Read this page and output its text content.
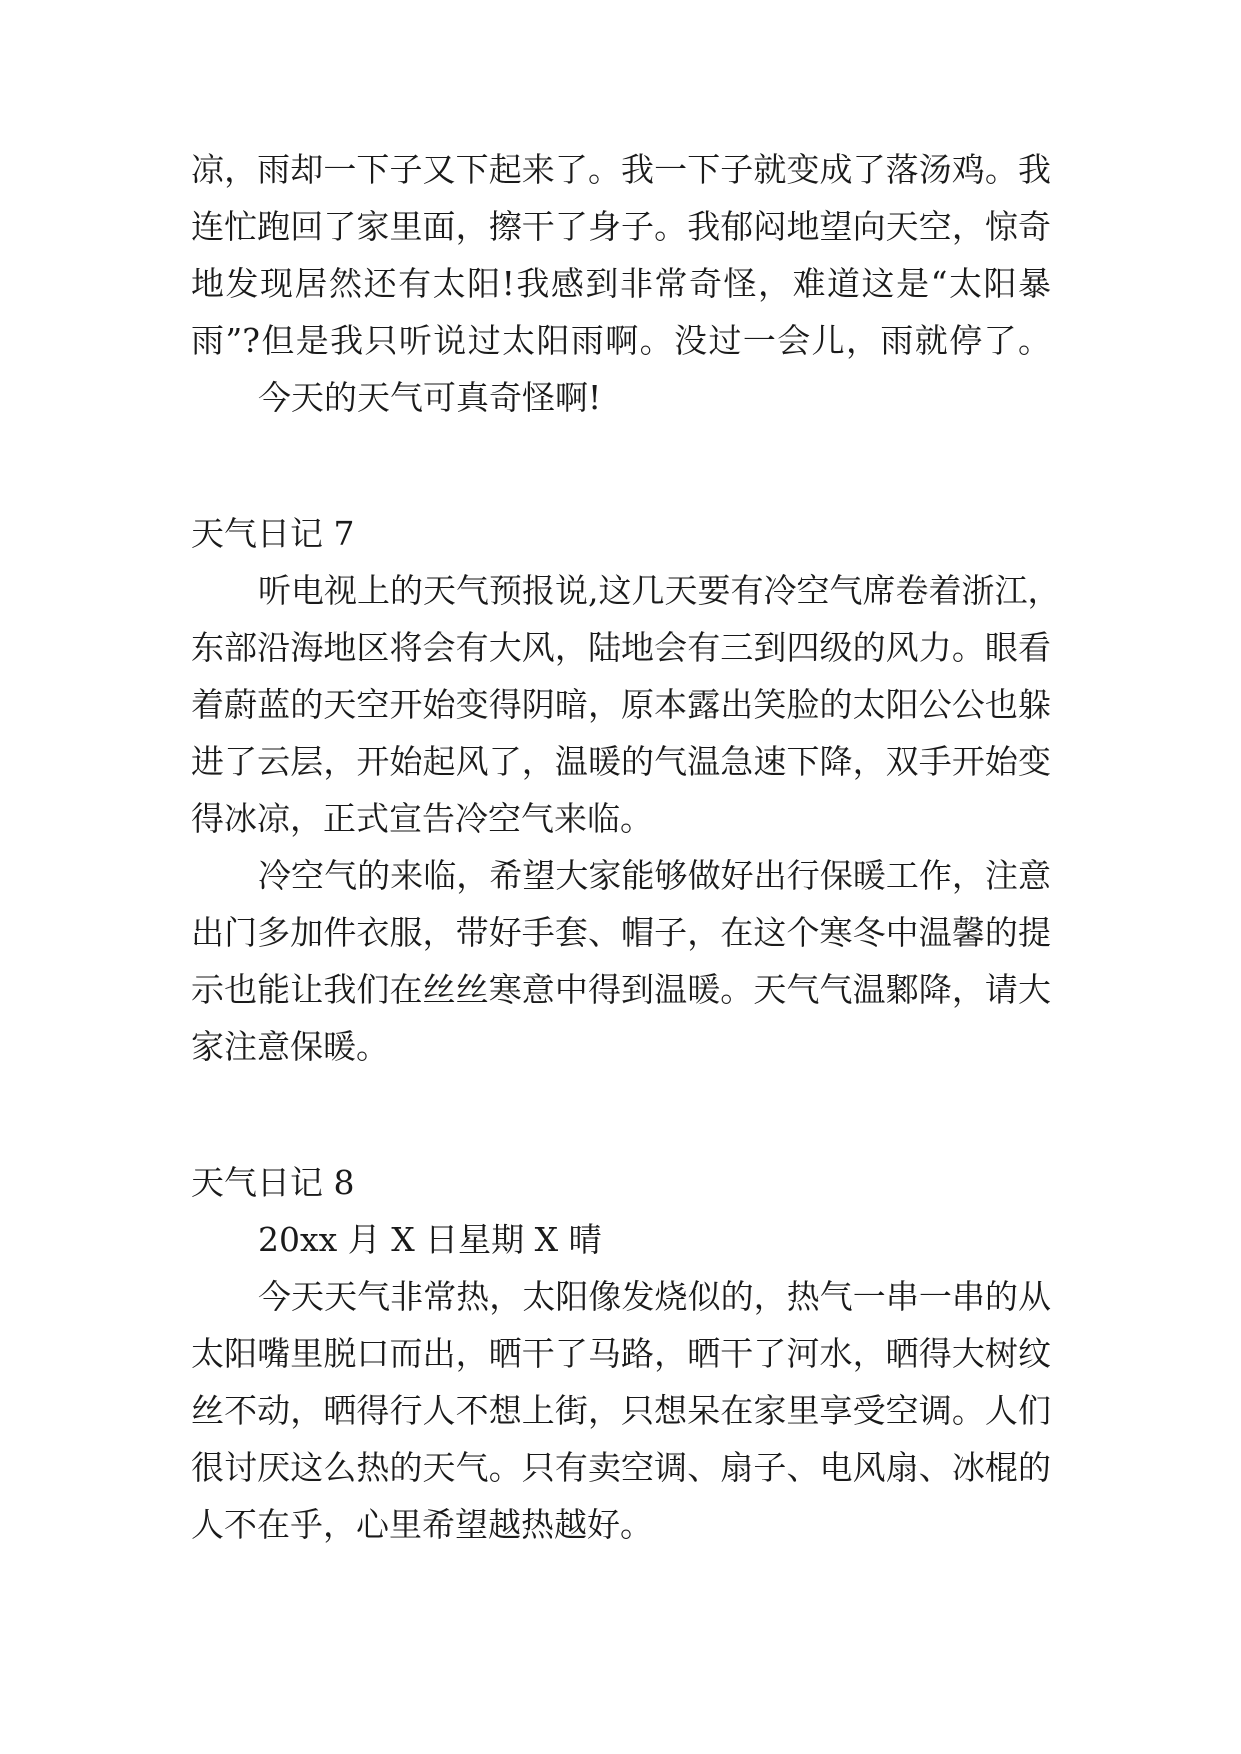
凉，雨却一下子又下起来了。我一下子就变成了落汤鸡。我
连忙跑回了家里面，擦干了身子。我郁闷地望向天空，惊奇
地发现居然还有太阳!我感到非常奇怪，难道这是“太阳暴
雨”?但是我只听说过太阳雨啊。没过一会儿，雨就停了。
今天的天气可真奇怪啊!
天气日记 7
听电视上的天气预报说,这几天要有冷空气席卷着浙江，
东部沿海地区将会有大风，陆地会有三到四级的风力。眼看
着蔚蓝的天空开始变得阴暗，原本露出笑脸的太阳公公也躲
进了云层，开始起风了，温暖的气温急速下降，双手开始变
得冰凉，正式宣告冷空气来临。
冷空气的来临，希望大家能够做好出行保暖工作，注意
出门多加件衣服，带好手套、帽子，在这个寒冬中温馨的提
示也能让我们在丝丝寒意中得到温暖。天气气温鄹降，请大
家注意保暖。
天气日记 8
20xx 月 X 日星期 X 晴
今天天气非常热，太阳像发烧似的，热气一串一串的从
太阳嘴里脱口而出，晒干了马路，晒干了河水，晒得大树纹
丝不动，晒得行人不想上街，只想呆在家里享受空调。人们
很讨厌这么热的天气。只有卖空调、扇子、电风扇、冰棍的
人不在乎，心里希望越热越好。
